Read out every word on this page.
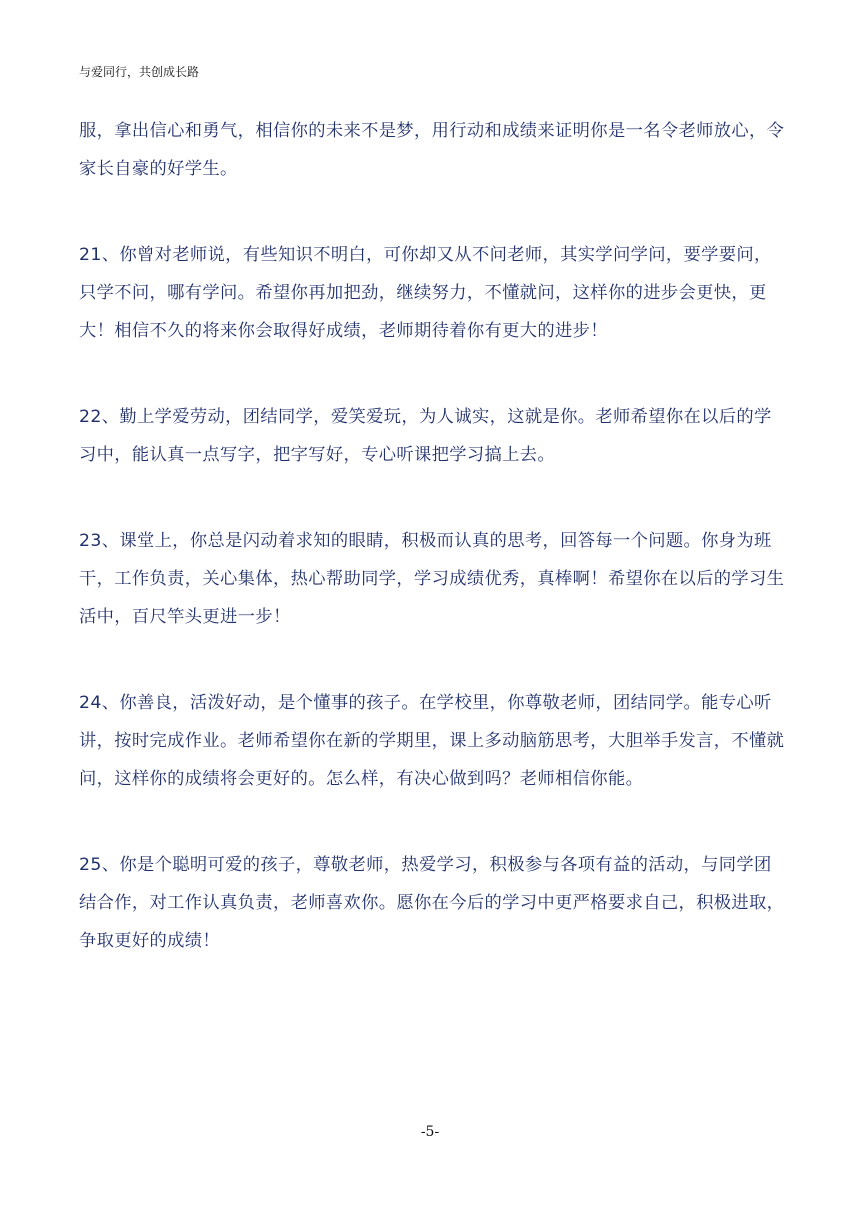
与爱同行，共创成长路

服，拿出信心和勇气，相信你的未来不是梦，用行动和成绩来证明你是一名令老师放心，令家长自豪的好学生。

21、你曾对老师说，有些知识不明白，可你却又从不问老师，其实学问学问，要学要问，只学不问，哪有学问。希望你再加把劲，继续努力，不懂就问，这样你的进步会更快，更大！相信不久的将来你会取得好成绩，老师期待着你有更大的进步！

22、勤上学爱劳动，团结同学，爱笑爱玩，为人诚实，这就是你。老师希望你在以后的学习中，能认真一点写字，把字写好，专心听课把学习搞上去。

23、课堂上，你总是闪动着求知的眼睛，积极而认真的思考，回答每一个问题。你身为班干，工作负责，关心集体，热心帮助同学，学习成绩优秀，真棒啊！希望你在以后的学习生活中，百尺竿头更进一步！

24、你善良，活泼好动，是个懂事的孩子。在学校里，你尊敬老师，团结同学。能专心听讲，按时完成作业。老师希望你在新的学期里，课上多动脑筋思考，大胆举手发言，不懂就问，这样你的成绩将会更好的。怎么样，有决心做到吗？老师相信你能。

25、你是个聪明可爱的孩子，尊敬老师，热爱学习，积极参与各项有益的活动，与同学团结合作，对工作认真负责，老师喜欢你。愿你在今后的学习中更严格要求自己，积极进取，争取更好的成绩！

-5-
